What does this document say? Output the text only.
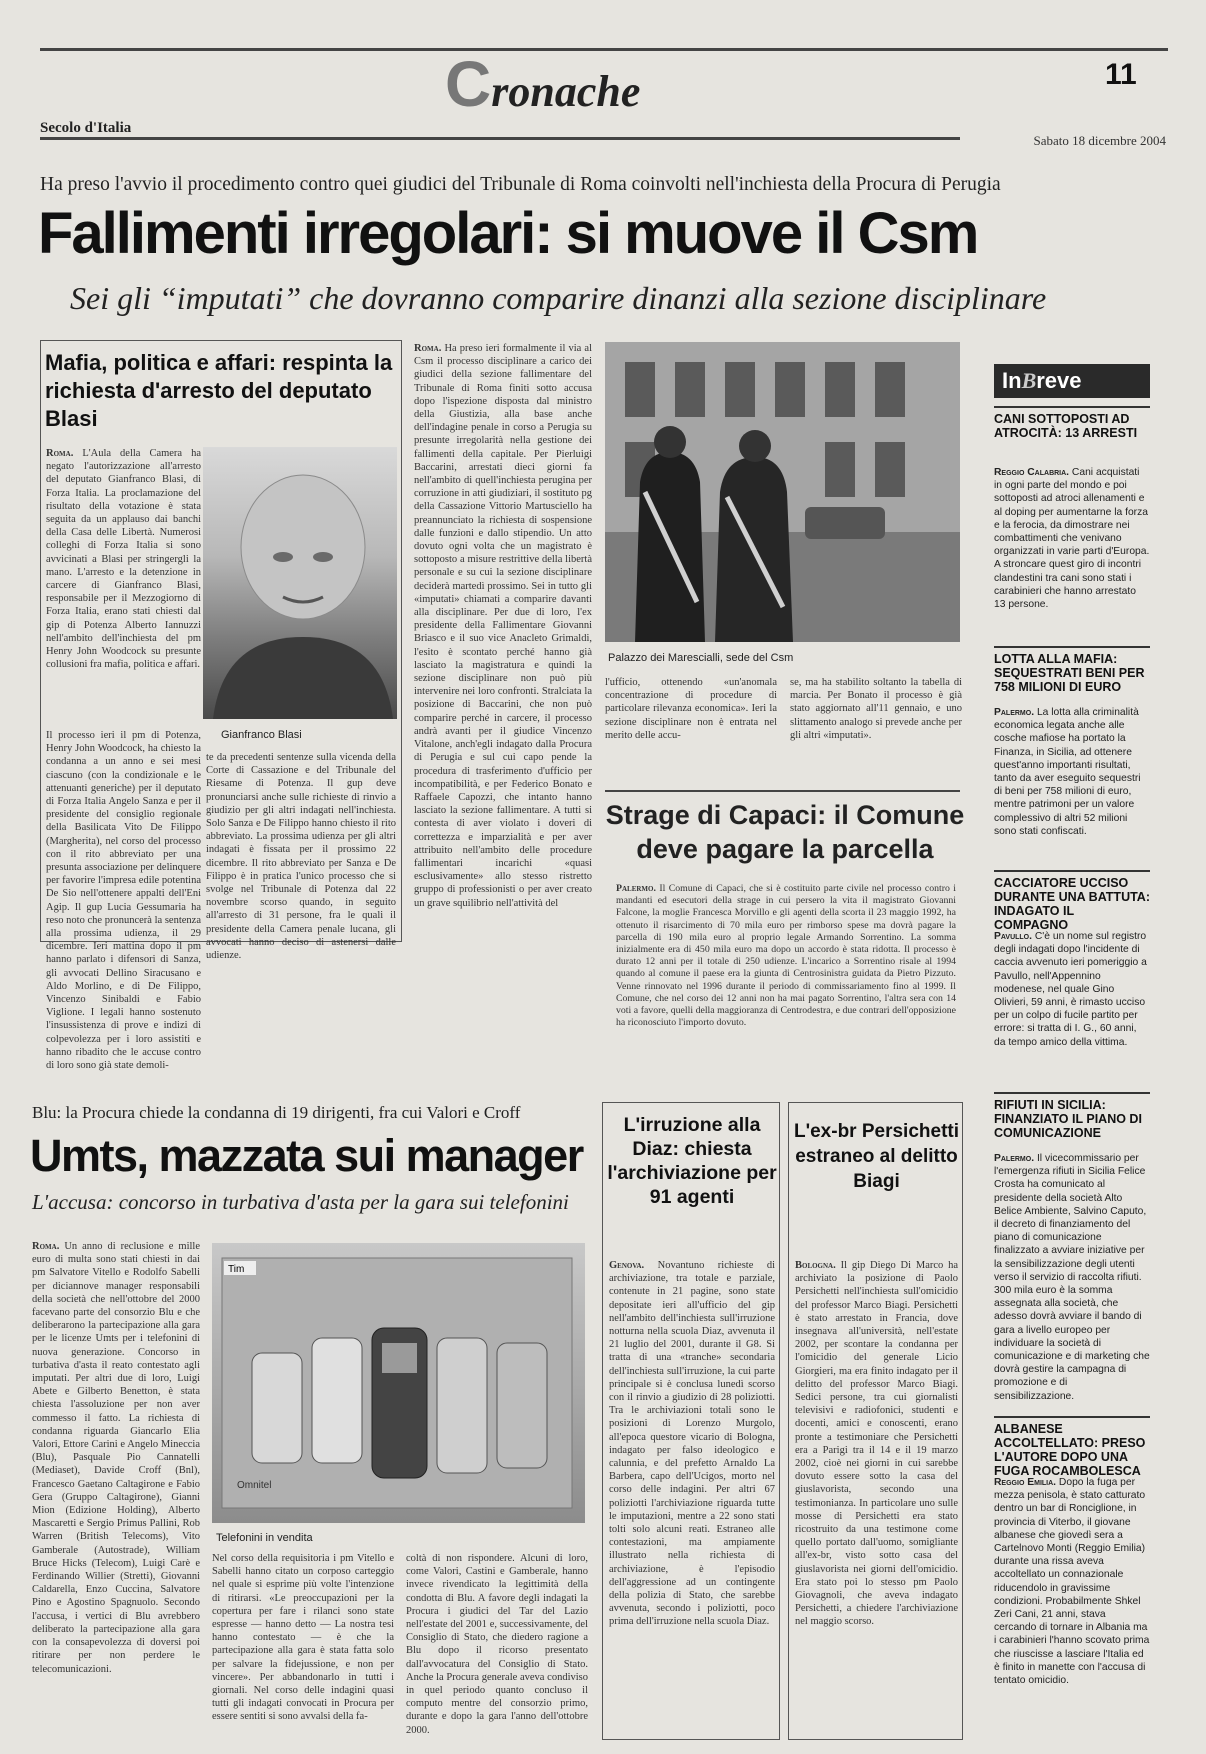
Cronache	11
Secolo d'Italia
Sabato 18 dicembre 2004
Ha preso l'avvio il procedimento contro quei giudici del Tribunale di Roma coinvolti nell'inchiesta della Procura di Perugia
Fallimenti irregolari: si muove il Csm
Sei gli “imputati” che dovranno comparire dinanzi alla sezione disciplinare
Mafia, politica e affari: respinta la richiesta d'arresto del deputato Blasi
Roma. L'Aula della Camera ha negato l'autorizzazione all'arresto del deputato Gianfranco Blasi, di Forza Italia. La proclamazione del risultato della votazione è stata seguita da un applauso dai banchi della Casa delle Libertà. Numerosi colleghi di Forza Italia si sono avvicinati a Blasi per stringergli la mano. L'arresto e la detenzione in carcere di Gianfranco Blasi, responsabile per il Mezzogiorno di Forza Italia, erano stati chiesti dal gip di Potenza Alberto Iannuzzi nell'ambito dell'inchiesta del pm Henry John Woodcock su presunte collusioni fra mafia, politica e affari.
Gianfranco Blasi
Il processo ieri il pm di Potenza, Henry John Woodcock, ha chiesto la condanna a un anno e sei mesi ciascuno (con la condizionale e le attenuanti generiche) per il deputato di Forza Italia Angelo Sanza e per il presidente del consiglio regionale della Basilicata Vito De Filippo (Margherita), nel corso del processo con il rito abbreviato per una presunta associazione per delinquere per favorire l'impresa edile potentina De Sio nell'ottenere appalti dell'Eni Agip. Il gup Lucia Gessumaria ha reso noto che pronuncerà la sentenza alla prossima udienza, il 29 dicembre. Ieri mattina dopo il pm hanno parlato i difensori di Sanza, gli avvocati Dellino Siracusano e Aldo Morlino, e di De Filippo, Vincenzo Sinibaldi e Fabio Viglione. I legali hanno sostenuto l'insussistenza di prove e indizi di colpevolezza per i loro assistiti e hanno ribadito che le accuse contro di loro sono già state demoli-
te da precedenti sentenze sulla vicenda della Corte di Cassazione e del Tribunale del Riesame di Potenza. Il gup deve pronunciarsi anche sulle richieste di rinvio a giudizio per gli altri indagati nell'inchiesta. Solo Sanza e De Filippo hanno chiesto il rito abbreviato. La prossima udienza per gli altri indagati è fissata per il prossimo 22 dicembre. Il rito abbreviato per Sanza e De Filippo è in pratica l'unico processo che si svolge nel Tribunale di Potenza dal 22 novembre scorso quando, in seguito all'arresto di 31 persone, fra le quali il presidente della Camera penale lucana, gli avvocati hanno deciso di astenersi dalle udienze.
Roma. Ha preso ieri formalmente il via al Csm il processo disciplinare a carico dei giudici della sezione fallimentare del Tribunale di Roma finiti sotto accusa dopo l'ispezione disposta dal ministro della Giustizia, alla base anche dell'indagine penale in corso a Perugia su presunte irregolarità nella gestione dei fallimenti della capitale. Per Pierluigi Baccarini, arrestati dieci giorni fa nell'ambito di quell'inchiesta perugina per corruzione in atti giudiziari, il sostituto pg della Cassazione Vittorio Martusciello ha preannunciato la richiesta di sospensione dalle funzioni e dallo stipendio. Un atto dovuto ogni volta che un magistrato è sottoposto a misure restrittive della libertà personale e su cui la sezione disciplinare deciderà martedì prossimo. Sei in tutto gli «imputati» chiamati a comparire davanti alla disciplinare. Per due di loro, l'ex presidente della Fallimentare Giovanni Briasco e il suo vice Anacleto Grimaldi, l'esito è scontato perché hanno già lasciato la magistratura e quindi la sezione disciplinare non può più intervenire nei loro confronti. Stralciata la posizione di Baccarini, che non può comparire perché in carcere, il processo andrà avanti per il giudice Vincenzo Vitalone, anch'egli indagato dalla Procura di Perugia e sul cui capo pende la procedura di trasferimento d'ufficio per incompatibilità, e per Federico Bonato e Raffaele Capozzi, che intanto hanno lasciato la sezione fallimentare. A tutti si contesta di aver violato i doveri di correttezza e imparzialità e per aver attribuito nell'ambito delle procedure fallimentari incarichi «quasi esclusivamente» allo stesso ristretto gruppo di professionisti o per aver creato un grave squilibrio nell'attività del
Palazzo dei Marescialli, sede del Csm
l'ufficio, ottenendo «un'anomala concentrazione di procedure di particolare rilevanza economica». Ieri la sezione disciplinare non è entrata nel merito delle accu-
se, ma ha stabilito soltanto la tabella di marcia. Per Bonato il processo è già stato aggiornato all'11 gennaio, e uno slittamento analogo si prevede anche per gli altri «imputati».
Strage di Capaci: il Comune deve pagare la parcella
Palermo. Il Comune di Capaci, che si è costituito parte civile nel processo contro i mandanti ed esecutori della strage in cui persero la vita il magistrato Giovanni Falcone, la moglie Francesca Morvillo e gli agenti della scorta il 23 maggio 1992, ha ottenuto il risarcimento di 70 mila euro per rimborso spese ma dovrà pagare la parcella di 190 mila euro al proprio legale Armando Sorrentino. La somma inizialmente era di 450 mila euro ma dopo un accordo è stata ridotta. Il processo è durato 12 anni per il totale di 250 udienze. L'incarico a Sorrentino risale al 1994 quando al comune il paese era la giunta di Centrosinistra guidata da Pietro Pizzuto. Venne rinnovato nel 1996 durante il periodo di commissariamento fino al 1999. Il Comune, che nel corso dei 12 anni non ha mai pagato Sorrentino, l'altra sera con 14 voti a favore, quelli della maggioranza di Centrodestra, e due contrari dell'opposizione ha riconosciuto l'importo dovuto.
Blu: la Procura chiede la condanna di 19 dirigenti, fra cui Valori e Croff
Umts, mazzata sui manager
L'accusa: concorso in turbativa d'asta per la gara sui telefonini
Roma. Un anno di reclusione e mille euro di multa sono stati chiesti in dai pm Salvatore Vitello e Rodolfo Sabelli per diciannove manager responsabili della società che nell'ottobre del 2000 facevano parte del consorzio Blu e che deliberarono la partecipazione alla gara per le licenze Umts per i telefonini di nuova generazione. Concorso in turbativa d'asta il reato contestato agli imputati. Per altri due di loro, Luigi Abete e Gilberto Benetton, è stata chiesta l'assoluzione per non aver commesso il fatto. La richiesta di condanna riguarda Giancarlo Elia Valori, Ettore Carini e Angelo Mineccia (Blu), Pasquale Pio Cannatelli (Mediaset), Davide Croff (Bnl), Francesco Gaetano Caltagirone e Fabio Gera (Gruppo Caltagirone), Gianni Mion (Edizione Holding), Alberto Mascaretti e Sergio Primus Pallini, Rob Warren (British Telecoms), Vito Gamberale (Autostrade), William Bruce Hicks (Telecom), Luigi Carè e Ferdinando Willier (Stretti), Giovanni Caldarella, Enzo Cuccina, Salvatore Pino e Agostino Spagnuolo. Secondo l'accusa, i vertici di Blu avrebbero deliberato la partecipazione alla gara con la consapevolezza di doversi poi ritirare per non perdere le telecomunicazioni.
Tim
Omnitel
Telefonini in vendita
Nel corso della requisitoria i pm Vitello e Sabelli hanno citato un corposo carteggio nel quale si esprime più volte l'intenzione di ritirarsi. «Le preoccupazioni per la copertura per fare i rilanci sono state espresse — hanno detto — La nostra tesi hanno contestato — è che la partecipazione alla gara è stata fatta solo per salvare la fidejussione, e non per vincere». Per abbandonarlo in tutti i giornali. Nel corso delle indagini quasi tutti gli indagati convocati in Procura per essere sentiti si sono avvalsi della fa-
coltà di non rispondere. Alcuni di loro, come Valori, Castini e Gamberale, hanno invece rivendicato la legittimità della condotta di Blu. A favore degli indagati la Procura i giudici del Tar del Lazio nell'estate del 2001 e, successivamente, del Consiglio di Stato, che diedero ragione a Blu dopo il ricorso presentato dall'avvocatura del Consiglio di Stato. Anche la Procura generale aveva condiviso in quel periodo quanto concluso il computo mentre del consorzio primo, durante e dopo la gara l'anno dell'ottobre 2000.
L'irruzione alla Diaz: chiesta l'archiviazione per 91 agenti
Genova. Novantuno richieste di archiviazione, tra totale e parziale, contenute in 21 pagine, sono state depositate ieri all'ufficio del gip nell'ambito dell'inchiesta sull'irruzione notturna nella scuola Diaz, avvenuta il 21 luglio del 2001, durante il G8. Si tratta di una «tranche» secondaria dell'inchiesta sull'irruzione, la cui parte principale si è conclusa lunedì scorso con il rinvio a giudizio di 28 poliziotti. Tra le archiviazioni totali sono le posizioni di Lorenzo Murgolo, all'epoca questore vicario di Bologna, indagato per falso ideologico e calunnia, e del prefetto Arnaldo La Barbera, capo dell'Ucigos, morto nel corso delle indagini. Per altri 67 poliziotti l'archiviazione riguarda tutte le imputazioni, mentre a 22 sono stati tolti solo alcuni reati. Estraneo alle contestazioni, ma ampiamente illustrato nella richiesta di archiviazione, è l'episodio dell'aggressione ad un contingente della polizia di Stato, che sarebbe avvenuta, secondo i poliziotti, poco prima dell'irruzione nella scuola Diaz.
L'ex-br Persichetti estraneo al delitto Biagi
Bologna. Il gip Diego Di Marco ha archiviato la posizione di Paolo Persichetti nell'inchiesta sull'omicidio del professor Marco Biagi. Persichetti è stato arrestato in Francia, dove insegnava all'università, nell'estate 2002, per scontare la condanna per l'omicidio del generale Licio Giorgieri, ma era finito indagato per il delitto del professor Marco Biagi. Sedici persone, tra cui giornalisti televisivi e radiofonici, studenti e docenti, amici e conoscenti, erano pronte a testimoniare che Persichetti era a Parigi tra il 14 e il 19 marzo 2002, cioè nei giorni in cui sarebbe dovuto essere sotto la casa del giuslavorista, secondo una testimonianza. In particolare uno sulle mosse di Persichetti era stato ricostruito da una testimone come quello portato dall'uomo, somigliante all'ex-br, visto sotto casa del giuslavorista nei giorni dell'omicidio. Era stato poi lo stesso pm Paolo Giovagnoli, che aveva indagato Persichetti, a chiedere l'archiviazione nel maggio scorso.
InBreve
CANI SOTTOPOSTI AD ATROCITÀ: 13 ARRESTI
Reggio Calabria. Cani acquistati in ogni parte del mondo e poi sottoposti ad atroci allenamenti e al doping per aumentarne la forza e la ferocia, da dimostrare nei combattimenti che venivano organizzati in varie parti d'Europa. A stroncare quest giro di incontri clandestini tra cani sono stati i carabinieri che hanno arrestato 13 persone.
LOTTA ALLA MAFIA: SEQUESTRATI BENI PER 758 MILIONI DI EURO
Palermo. La lotta alla criminalità economica legata anche alle cosche mafiose ha portato la Finanza, in Sicilia, ad ottenere quest'anno importanti risultati, tanto da aver eseguito sequestri di beni per 758 milioni di euro, mentre patrimoni per un valore complessivo di altri 52 milioni sono stati confiscati.
CACCIATORE UCCISO DURANTE UNA BATTUTA: INDAGATO IL COMPAGNO
Pavullo. C'è un nome sul registro degli indagati dopo l'incidente di caccia avvenuto ieri pomeriggio a Pavullo, nell'Appennino modenese, nel quale Gino Olivieri, 59 anni, è rimasto ucciso per un colpo di fucile partito per errore: si tratta di I. G., 60 anni, da tempo amico della vittima.
RIFIUTI IN SICILIA: FINANZIATO IL PIANO DI COMUNICAZIONE
Palermo. Il vicecommissario per l'emergenza rifiuti in Sicilia Felice Crosta ha comunicato al presidente della società Alto Belice Ambiente, Salvino Caputo, il decreto di finanziamento del piano di comunicazione finalizzato a avviare iniziative per la sensibilizzazione degli utenti verso il servizio di raccolta rifiuti. 300 mila euro è la somma assegnata alla società, che adesso dovrà avviare il bando di gara a livello europeo per individuare la società di comunicazione e di marketing che dovrà gestire la campagna di promozione e di sensibilizzazione.
ALBANESE ACCOLTELLATO: PRESO L'AUTORE DOPO UNA FUGA ROCAMBOLESCA
Reggio Emilia. Dopo la fuga per mezza penisola, è stato catturato dentro un bar di Ronciglione, in provincia di Viterbo, il giovane albanese che giovedì sera a Cartelnovo Monti (Reggio Emilia) durante una rissa aveva accoltellato un connazionale riducendolo in gravissime condizioni. Probabilmente Shkel Zeri Cani, 21 anni, stava cercando di tornare in Albania ma i carabinieri l'hanno scovato prima che riuscisse a lasciare l'Italia ed è finito in manette con l'accusa di tentato omicidio.
